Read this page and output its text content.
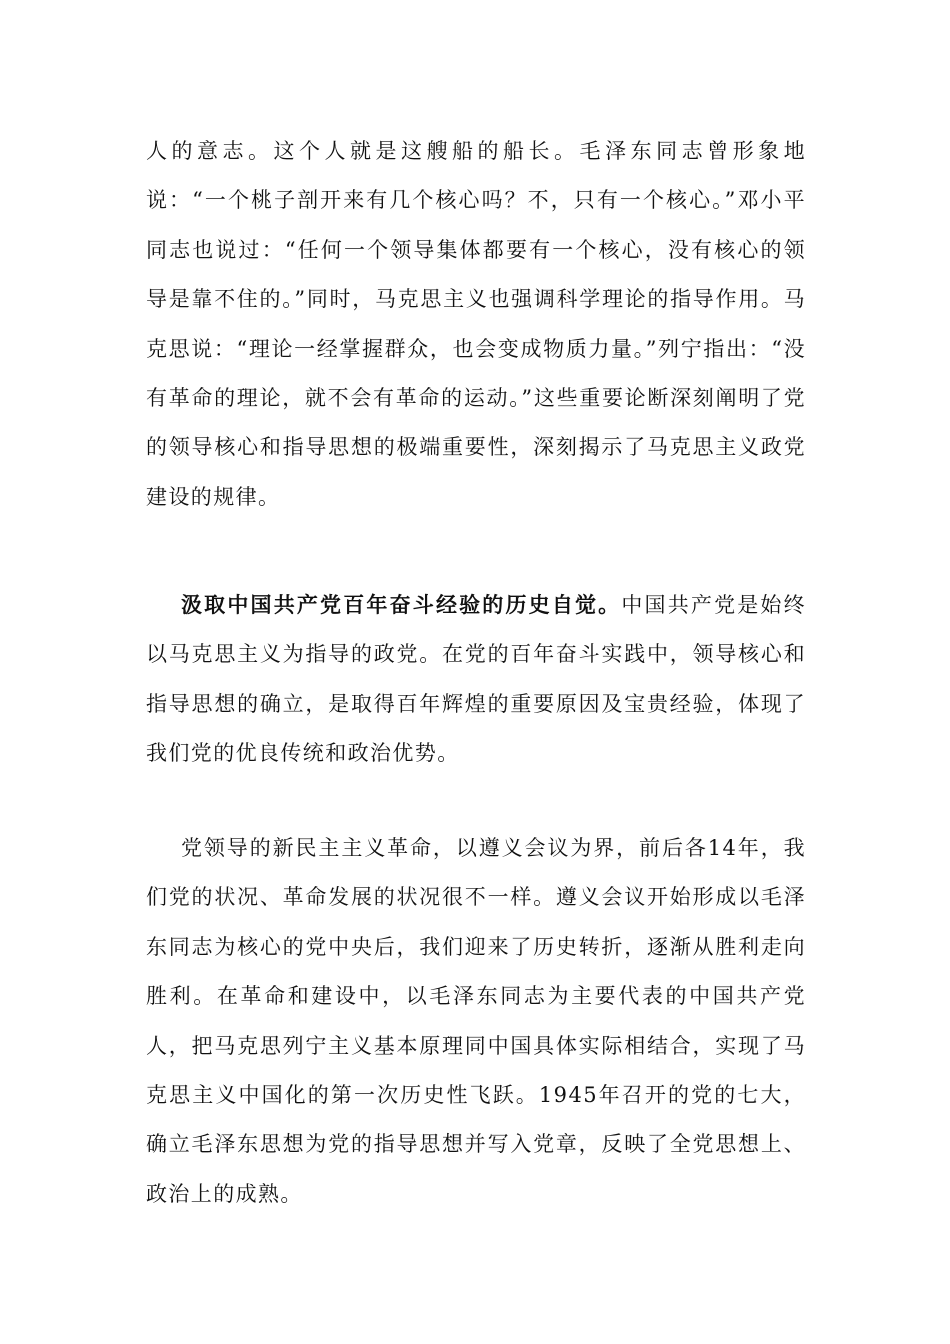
人的意志。这个人就是这艘船的船长。毛泽东同志曾形象地说：“一个桃子剖开来有几个核心吗？不，只有一个核心。”邓小平同志也说过：“任何一个领导集体都要有一个核心，没有核心的领导是靠不住的。”同时，马克思主义也强调科学理论的指导作用。马克思说：“理论一经掌握群众，也会变成物质力量。”列宁指出：“没有革命的理论，就不会有革命的运动。”这些重要论断深刻阐明了党的领导核心和指导思想的极端重要性，深刻揭示了马克思主义政党建设的规律。

汲取中国共产党百年奋斗经验的历史自觉。中国共产党是始终以马克思主义为指导的政党。在党的百年奋斗实践中，领导核心和指导思想的确立，是取得百年辉煌的重要原因及宝贵经验，体现了我们党的优良传统和政治优势。

党领导的新民主主义革命，以遵义会议为界，前后各14年，我们党的状况、革命发展的状况很不一样。遵义会议开始形成以毛泽东同志为核心的党中央后，我们迎来了历史转折，逐渐从胜利走向胜利。在革命和建设中，以毛泽东同志为主要代表的中国共产党人，把马克思列宁主义基本原理同中国具体实际相结合，实现了马克思主义中国化的第一次历史性飞跃。1945年召开的党的七大，确立毛泽东思想为党的指导思想并写入党章，反映了全党思想上、政治上的成熟。
